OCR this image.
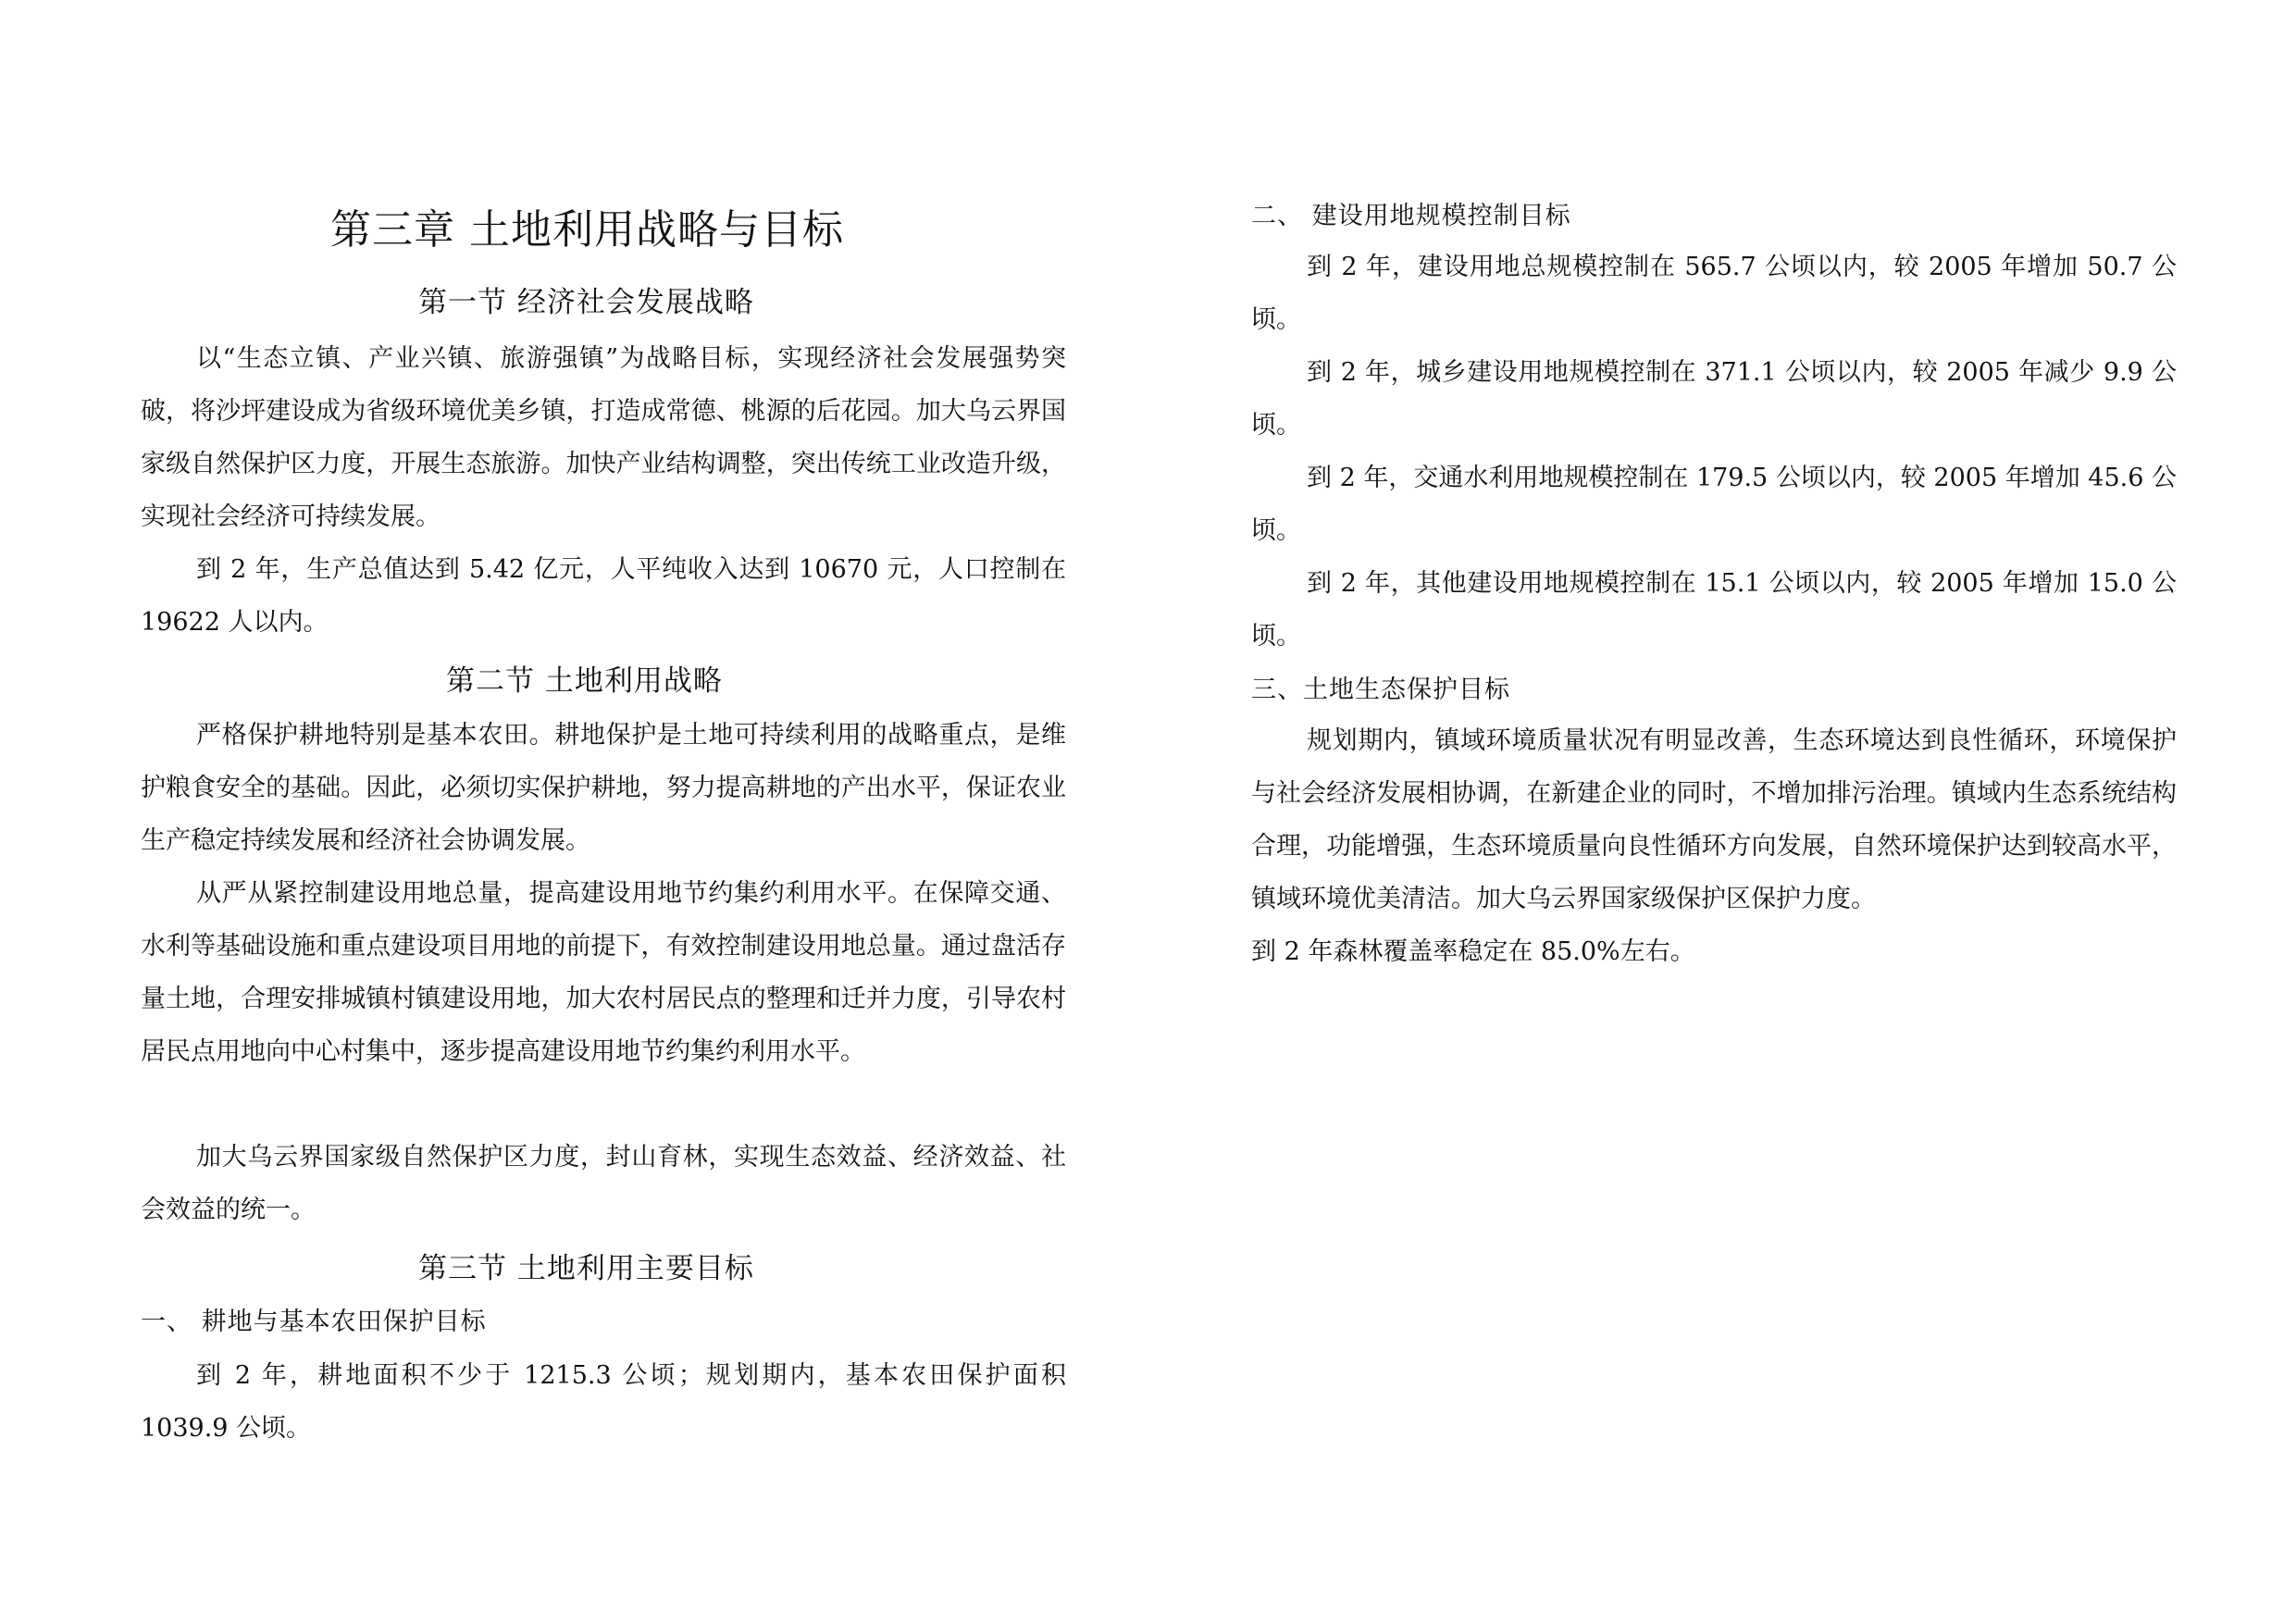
第三章 土地利用战略与目标
第一节 经济社会发展战略

以“生态立镇、产业兴镇、旅游强镇”为战略目标，实现经济社会发展强势突破，将沙坪建设成为省级环境优美乡镇，打造成常德、桃源的后花园。加大乌云界国家级自然保护区力度，开展生态旅游。加快产业结构调整，突出传统工业改造升级，实现社会经济可持续发展。

到 2 年，生产总值达到 5.42 亿元，人平纯收入达到 10670 元，人口控制在 19622 人以内。

第二节 土地利用战略

严格保护耕地特别是基本农田。耕地保护是土地可持续利用的战略重点，是维护粮食安全的基础。因此，必须切实保护耕地，努力提高耕地的产出水平，保证农业生产稳定持续发展和经济社会协调发展。

从严从紧控制建设用地总量，提高建设用地节约集约利用水平。在保障交通、水利等基础设施和重点建设项目用地的前提下，有效控制建设用地总量。通过盘活存量土地，合理安排城镇村镇建设用地，加大农村居民点的整理和迁并力度，引导农村居民点用地向中心村集中，逐步提高建设用地节约集约利用水平。

加大乌云界国家级自然保护区力度，封山育林，实现生态效益、经济效益、社会效益的统一。

第三节 土地利用主要目标
一、 耕地与基本农田保护目标

到 2 年，耕地面积不少于 1215.3 公顷；规划期内，基本农田保护面积 1039.9 公顷。

二、 建设用地规模控制目标

到 2 年，建设用地总规模控制在 565.7 公顷以内，较 2005 年增加 50.7 公顷。

到 2 年，城乡建设用地规模控制在 371.1 公顷以内，较 2005 年减少 9.9 公顷。

到 2 年，交通水利用地规模控制在 179.5 公顷以内，较 2005 年增加 45.6 公顷。

到 2 年，其他建设用地规模控制在 15.1 公顷以内，较 2005 年增加 15.0 公顷。

三、土地生态保护目标

规划期内，镇域环境质量状况有明显改善，生态环境达到良性循环，环境保护与社会经济发展相协调，在新建企业的同时，不增加排污治理。镇域内生态系统结构合理，功能增强，生态环境质量向良性循环方向发展，自然环境保护达到较高水平，镇域环境优美清洁。加大乌云界国家级保护区保护力度。

到 2 年森林覆盖率稳定在 85.0%左右。
